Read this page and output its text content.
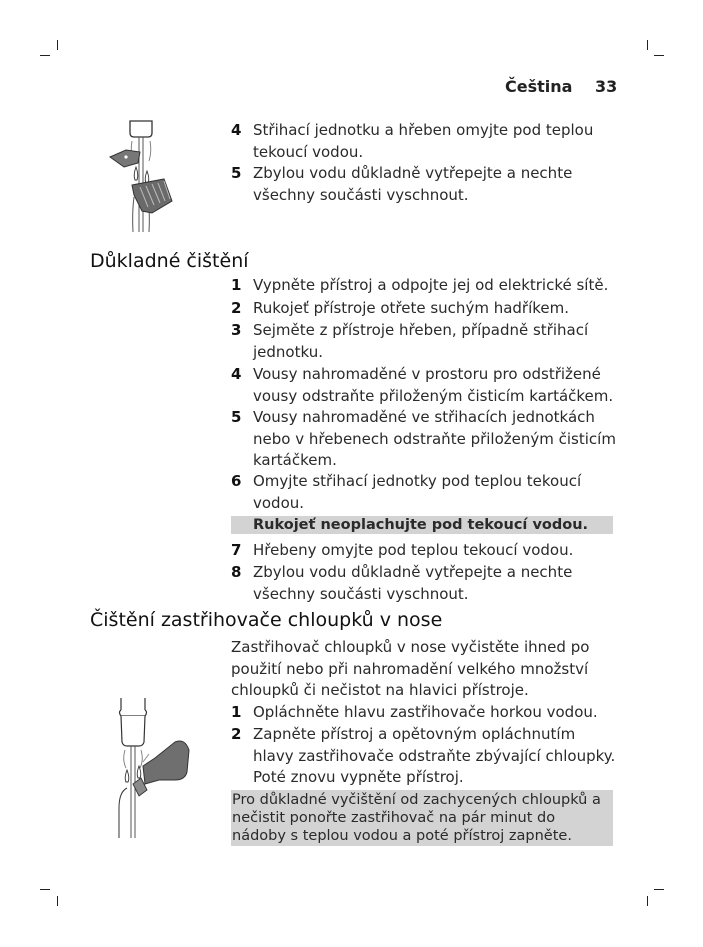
Čeština 33
4 Střihací jednotku a hřeben omyjte pod teplou tekoucí vodou.
5 Zbylou vodu důkladně vytřepejte a nechte všechny součásti vyschnout.
Důkladné čištění
1 Vypněte přístroj a odpojte jej od elektrické sítě.
2 Rukojeť přístroje otřete suchým hadříkem.
3 Sejměte z přístroje hřeben, případně střihací jednotku.
4 Vousy nahromaděné v prostoru pro odstřižené vousy odstraňte přiloženým čisticím kartáčkem.
5 Vousy nahromaděné ve střihacích jednotkách nebo v hřebenech odstraňte přiloženým čisticím kartáčkem.
6 Omyjte střihací jednotky pod teplou tekoucí vodou.
Rukojeť neoplachujte pod tekoucí vodou.
7 Hřebeny omyjte pod teplou tekoucí vodou.
8 Zbylou vodu důkladně vytřepejte a nechte všechny součásti vyschnout.
Čištění zastřihovače chloupků v nose
Zastřihovač chloupků v nose vyčistěte ihned po použití nebo při nahromadění velkého množství chloupků či nečistot na hlavici přístroje.
1 Opláchněte hlavu zastřihovače horkou vodou.
2 Zapněte přístroj a opětovným opláchnutím hlavy zastřihovače odstraňte zbývající chloupky. Poté znovu vypněte přístroj.
Pro důkladné vyčištění od zachycených chloupků a nečistit ponořte zastřihovač na pár minut do nádoby s teplou vodou a poté přístroj zapněte.
